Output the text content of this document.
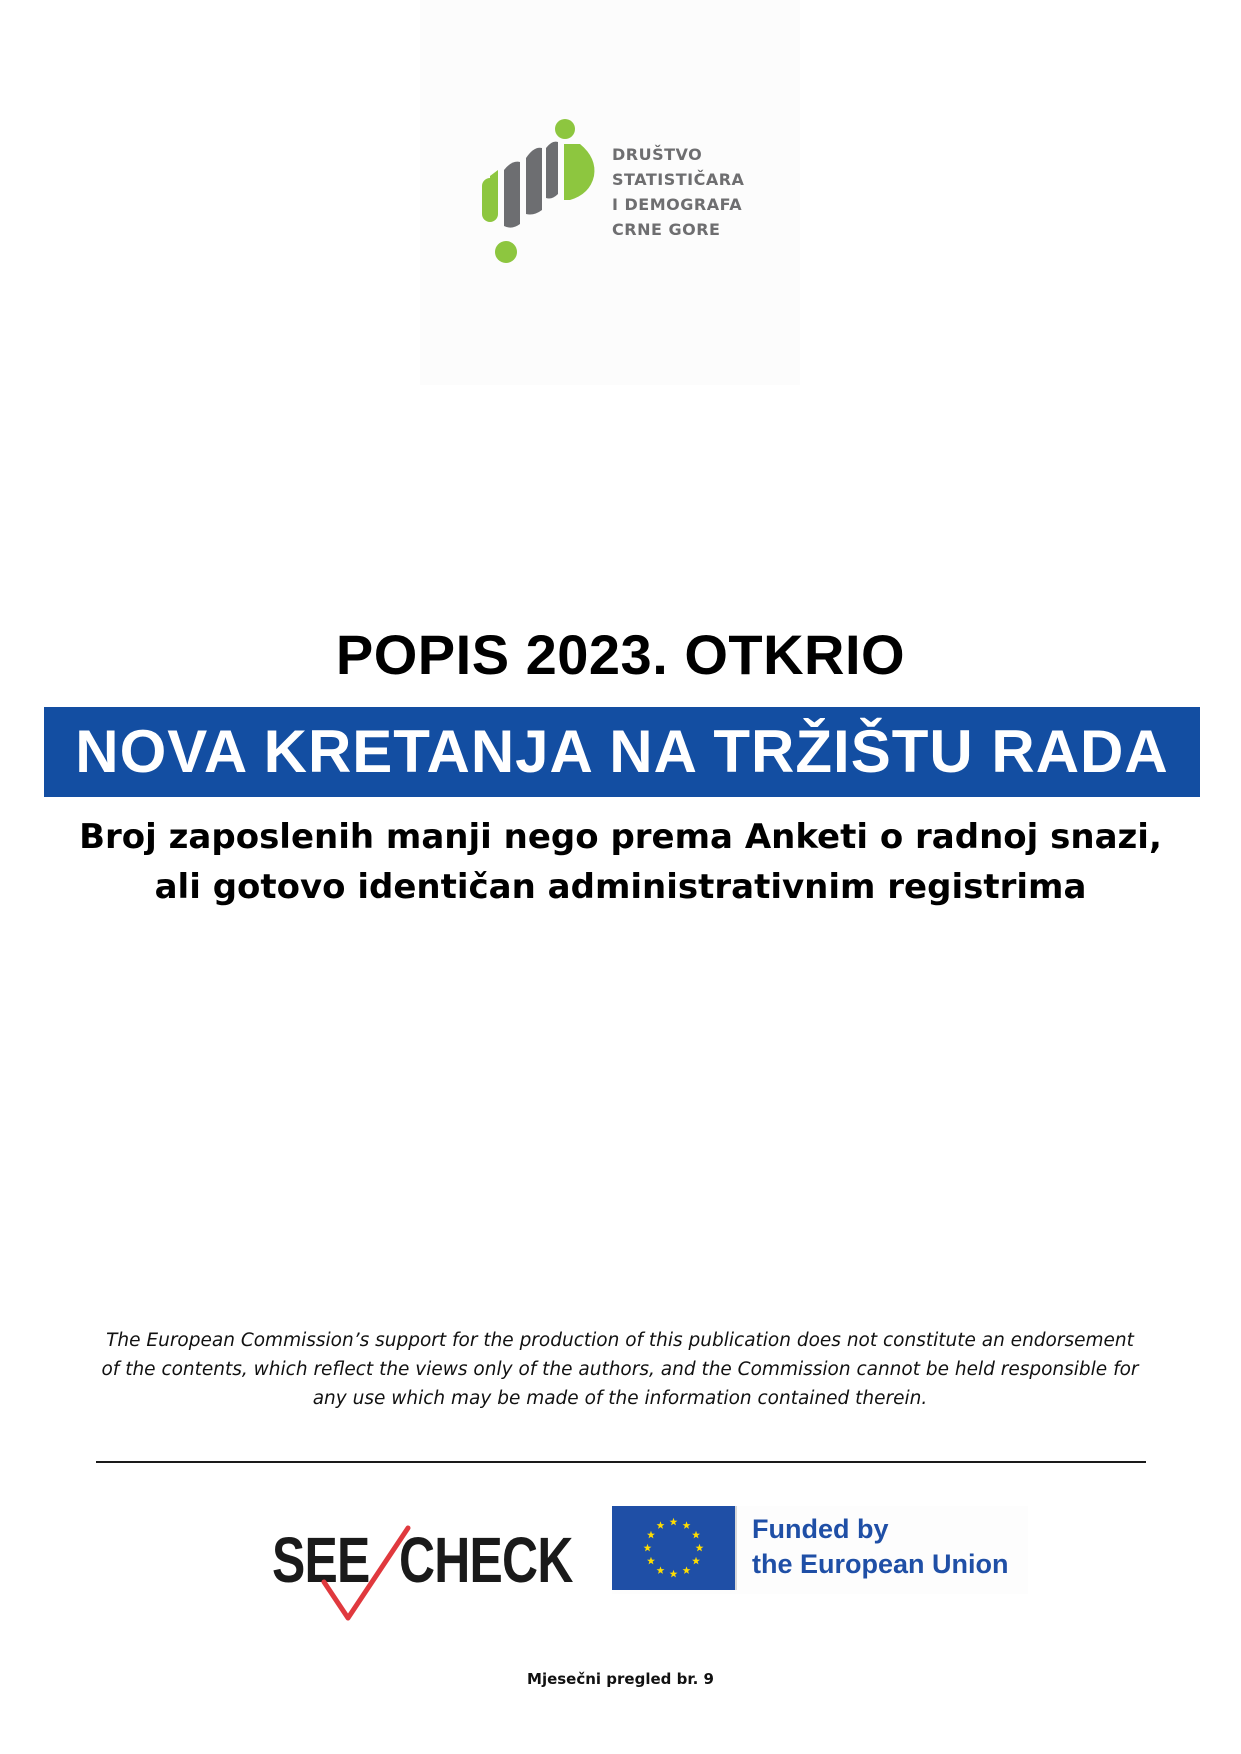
DRUŠTVO
STATISTIČARA
I DEMOGRAFA
CRNE GORE
POPIS 2023. OTKRIO
NOVA KRETANJA NA TRŽIŠTU RADA
Broj zaposlenih manji nego prema Anketi o radnoj snazi,
ali gotovo identičan administrativnim registrima
The European Commission’s support for the production of this publication does not constitute an endorsement
of the contents, which reflect the views only of the authors, and the Commission cannot be held responsible for
any use which may be made of the information contained therein.
SEE CHECK	Funded by
the European Union
Mjesečni pregled br. 9
